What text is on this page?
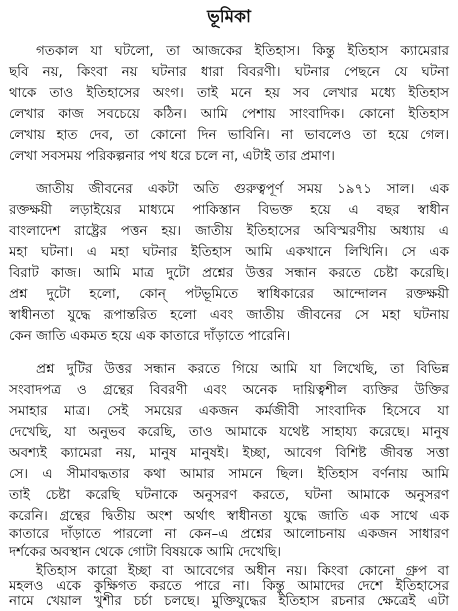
ভূমিকা
গতকাল যা ঘটলো, তা আজকের ইতিহাস। কিন্তু ইতিহাস ক্যামেরার
ছবি নয়, কিংবা নয় ঘটনার ধারা বিবরণী। ঘটনার পেছনে যে ঘটনা
থাকে তাও ইতিহাসের অংগ। তাই মনে হয় সব লেখার মধ্যে ইতিহাস
লেখার কাজ সবচেয়ে কঠিন। আমি পেশায় সাংবাদিক। কোনো ইতিহাস
লেখায় হাত দেব, তা কোনো দিন ভাবিনি। না ভাবলেও তা হয়ে গেল।
লেখা সবসময় পরিকল্পনার পথ ধরে চলে না, এটাই তার প্রমাণ।
জাতীয় জীবনের একটা অতি গুরুত্বপূর্ণ সময় ১৯৭১ সাল। এক
রক্তক্ষয়ী লড়াইয়ের মাধ্যমে পাকিস্তান বিভক্ত হয়ে এ বছর স্বাধীন
বাংলাদেশ রাষ্ট্রের পত্তন হয়। জাতীয় ইতিহাসের অবিস্মরণীয় অধ্যায় এ
মহা ঘটনা। এ মহা ঘটনার ইতিহাস আমি একখানে লিখিনি। সে এক
বিরাট কাজ। আমি মাত্র দুটো প্রশ্নের উত্তর সন্ধান করতে চেষ্টা করেছি।
প্রশ্ন দুটো হলো, কোন্ পটভূমিতে স্বাধিকারের আন্দোলন রক্তক্ষয়ী
স্বাধীনতা যুদ্ধে রূপান্তরিত হলো এবং জাতীয় জীবনের সে মহা ঘটনায়
কেন জাতি একমত হয়ে এক কাতারে দাঁড়াতে পারেনি।
প্রশ্ন দুটির উত্তর সন্ধান করতে গিয়ে আমি যা লিখেছি, তা বিভিন্ন
সংবাদপত্র ও গ্রন্থের বিবরণী এবং অনেক দায়িত্বশীল ব্যক্তির উক্তির
সমাহার মাত্র। সেই সময়ের একজন কর্মজীবী সাংবাদিক হিসেবে যা
দেখেছি, যা অনুভব করেছি, তাও আমাকে যথেষ্ট সাহায্য করেছে। মানুষ
অবশ্যই ক্যামেরা নয়, মানুষ মানুষই। ইচ্ছা, আবেগ বিশিষ্ট জীবন্ত সত্তা
সে। এ সীমাবদ্ধতার কথা আমার সামনে ছিল। ইতিহাস বর্ণনায় আমি
তাই চেষ্টা করেছি ঘটনাকে অনুসরণ করতে, ঘটনা আমাকে অনুসরণ
করেনি। গ্রন্থের দ্বিতীয় অংশ অর্থাৎ স্বাধীনতা যুদ্ধে জাতি এক সাথে এক
কাতারে দাঁড়াতে পারলো না কেন–এ প্রশ্নের আলোচনায় একজন সাধারণ
দর্শকের অবস্থান থেকে গোটা বিষয়কে আমি দেখেছি।
ইতিহাস কারো ইচ্ছা বা আবেগের অধীন নয়। কিংবা কোনো গ্রুপ বা
মহলও একে কুক্ষিগত করতে পারে না। কিন্তু আমাদের দেশে ইতিহাসের
নামে খেয়াল খুশীর চর্চা চলছে। মুক্তিযুদ্ধের ইতিহাস রচনার ক্ষেত্রেই এটা
